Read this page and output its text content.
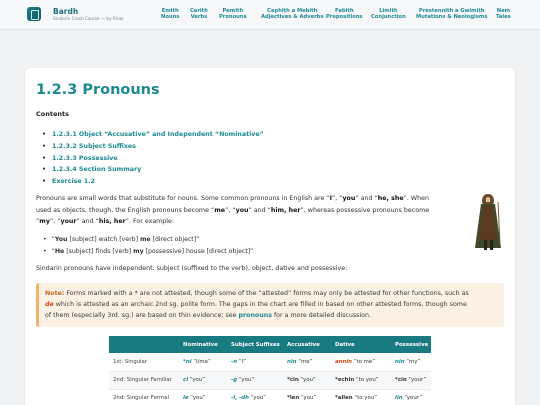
Bardh
Sindarin Crash Course — by Rinor
Emith
Nouns
Cerith
Verbs
Pemith
Pronouns
Cephith a Mebith
Adjectives & Adverbs
Febith
Prepositions
Limith
Conjunction
Prestennith a Gwimith
Mutations & Neologisms
Nem
Tales
1.2.3 Pronouns
Contents
• 1.2.3.1 Object “Accusative” and Independent “Nominative”
• 1.2.3.2 Subject Suffixes
• 1.2.3.3 Possessive
• 1.2.3.4 Section Summary
• Exercise 1.2
Pronouns are small words that substitute for nouns. Some common pronouns in English are “I”, “you” and “he, she”. When
used as objects, though, the English pronouns become “me”, “you” and “him, her”, whereas possessive pronouns become
“my”, “your” and “his, her”. For example:
• “You [subject] watch [verb] me [direct object]”
• “He [subject] finds [verb] my [possessive] house [direct object]”
Sindarin pronouns have independent, subject (suffixed to the verb), object, dative and possessive:
Note: Forms marked with a * are not attested, though some of the “attested” forms may only be attested for other functions, such as
de which is attested as an archaic 2nd sg. polite form. The gaps in the chart are filled in based on other attested forms, though some
of them (especially 3rd. sg.) are based on thin evidence; see pronouns for a more detailed discussion.
	Nominative	Subject Suffixes	Accusative	Dative	Possessive
1st: Singular	*ni “I/me”	-n “I”	nin “me”	annin “to me”	nin “my”
2nd: Singular Familiar	ci “you”	-g “you”	*cin “you”	*echin “to you”	*cin “your”
2nd: Singular Formal	le “you”	-l, -dh “you”	*len “you”	*allen “to you”	lin “your”
